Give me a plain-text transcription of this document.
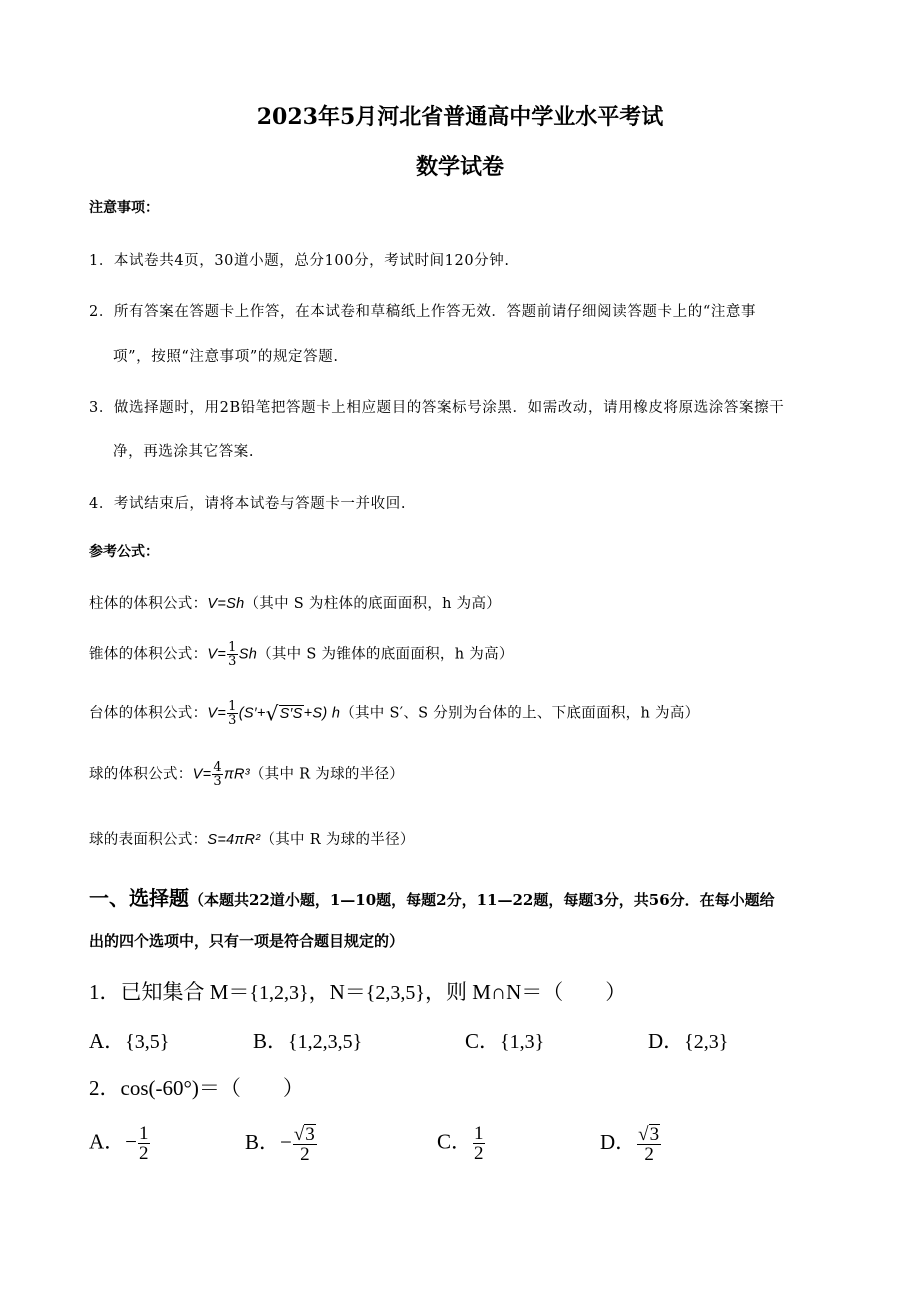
2023年5月河北省普通高中学业水平考试
数学试卷
注意事项：
1．本试卷共4页，30道小题，总分100分，考试时间120分钟.
2．所有答案在答题卡上作答，在本试卷和草稿纸上作答无效．答题前请仔细阅读答题卡上的“注意事
项”，按照“注意事项”的规定答题.
3．做选择题时，用2B铅笔把答题卡上相应题目的答案标号涂黑．如需改动，请用橡皮将原选涂答案擦干
净，再选涂其它答案.
4．考试结束后，请将本试卷与答题卡一并收回.
参考公式：
柱体的体积公式：V=Sh（其中 S 为柱体的底面面积，h 为高）
锥体的体积公式：$V= \frac{1}{3} Sh$（其中 S 为锥体的底面面积，h 为高）
台体的体积公式：$V= \frac{1}{3} (S'+√S'S+S)$ h（其中 S′、S 分别为台体的上、下底面面积，h 为高）
球的体积公式：$V= \frac{4}{3} \pi R^3$（其中 R 为球的半径）
球的表面积公式：S=4πR²（其中 R 为球的半径）
一、选择题（本题共22道小题，1—10题，每题2分，11—22题，每题3分，共56分．在每小题给
出的四个选项中，只有一项是符合题目规定的）
1．已知集合 M＝{1,2,3}，N＝{2,3,5}，则 M∩N＝（　　）
A．{3,5}	B．{1,2,3,5}	C．{1,3}	D．{2,3}
2．cos(-60°)＝（　　）
A．− $\frac{1}{2}$	B．− $\frac{√3}{2}$	C． $\frac{1}{2}$	D． $\frac{√3}{2}$
